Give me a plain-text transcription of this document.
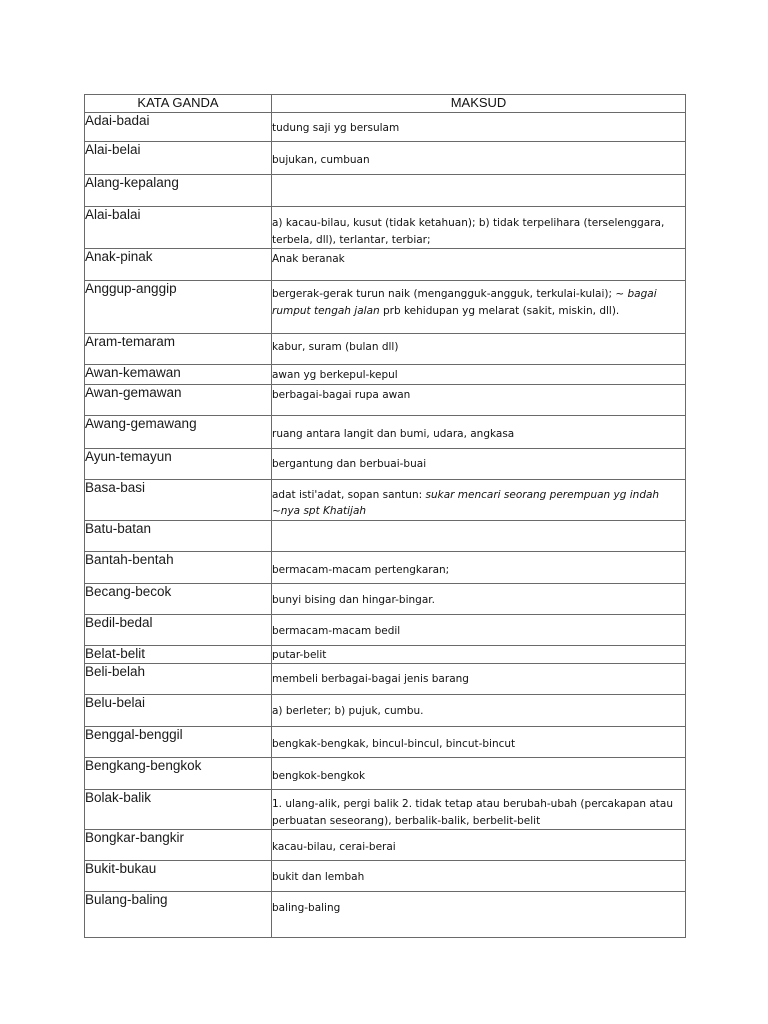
KATA GANDA	MAKSUD
Adai-badai	tudung saji yg bersulam

Alai-belai	bujukan, cumbuan

Alang-kepalang	

Alai-balai	a) kacau-bilau, kusut (tidak ketahuan); b) tidak terpelihara (terselenggara, terbela, dll), terlantar, terbiar;

Anak-pinak	Anak beranak

Anggup-anggip	bergerak-gerak turun naik (mengangguk-angguk, terkulai-kulai); ~ bagai rumput tengah jalan prb kehidupan yg melarat (sakit, miskin, dll).

Aram-temaram	kabur, suram (bulan dll)

Awan-kemawan	awan yg berkepul-kepul

Awan-gemawan	berbagai-bagai rupa awan

Awang-gemawang	ruang antara langit dan bumi, udara, angkasa

Ayun-temayun	bergantung dan berbuai-buai

Basa-basi	adat isti'adat, sopan santun: sukar mencari seorang perempuan yg indah ~nya spt Khatijah

Batu-batan	

Bantah-bentah	bermacam-macam pertengkaran;

Becang-becok	bunyi bising dan hingar-bingar.

Bedil-bedal	bermacam-macam bedil

Belat-belit	putar-belit

Beli-belah	membeli berbagai-bagai jenis barang

Belu-belai	a) berleter; b) pujuk, cumbu.

Benggal-benggil	bengkak-bengkak, bincul-bincul, bincut-bincut

Bengkang-bengkok	bengkok-bengkok

Bolak-balik	1. ulang-alik, pergi balik 2. tidak tetap atau berubah-ubah (percakapan atau perbuatan seseorang), berbalik-balik, berbelit-belit

Bongkar-bangkir	kacau-bilau, cerai-berai

Bukit-bukau	bukit dan lembah

Bulang-baling	baling-baling
